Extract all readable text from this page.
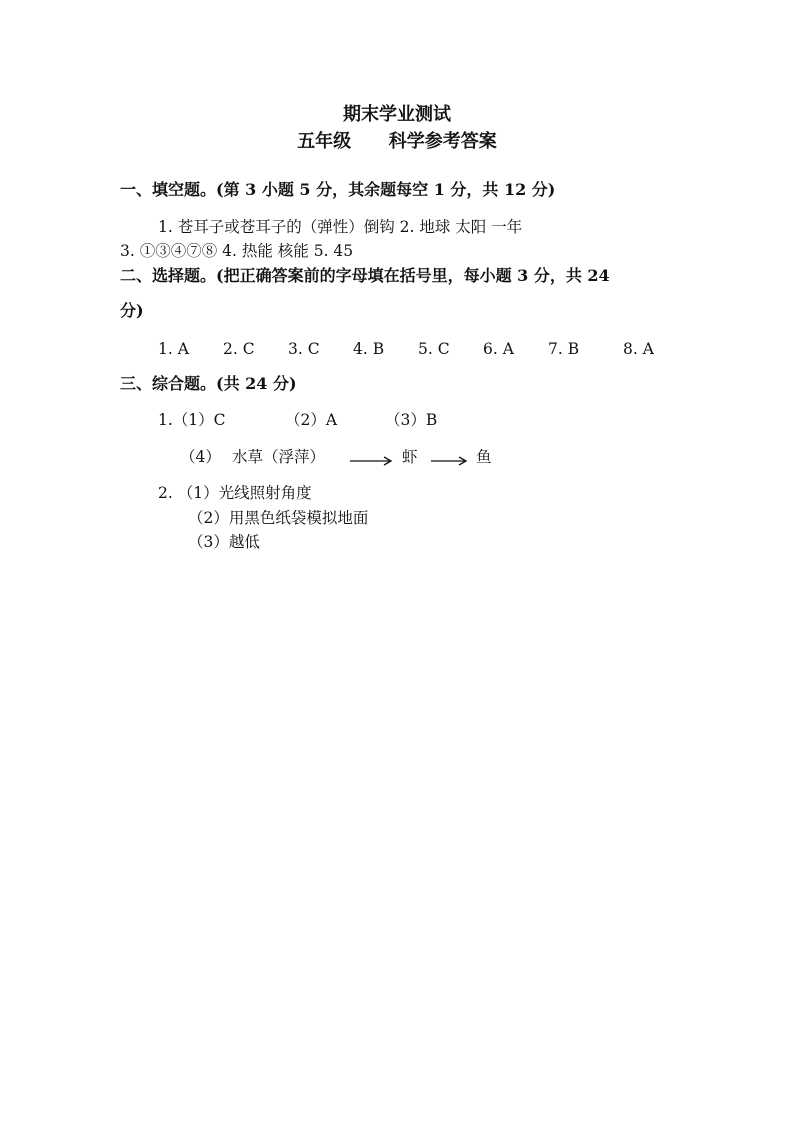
期末学业测试
五年级      科学参考答案
一、填空题。(第 3 小题 5 分，其余题每空 1 分，共 12 分)
1. 苍耳子或苍耳子的（弹性）倒钩 2. 地球 太阳 一年
3. ①③④⑦⑧ 4. 热能 核能 5. 45
二、选择题。(把正确答案前的字母填在括号里，每小题 3 分，共 24
分)
1. A 2. C 3. C 4. B 5. C 6. A 7. B	8. A
三、综合题。(共 24 分)
1.（1）C	（2）A	（3）B
（4） 水草（浮萍）	虾	鱼
2. （1）光线照射角度
（2）用黑色纸袋模拟地面
（3）越低
